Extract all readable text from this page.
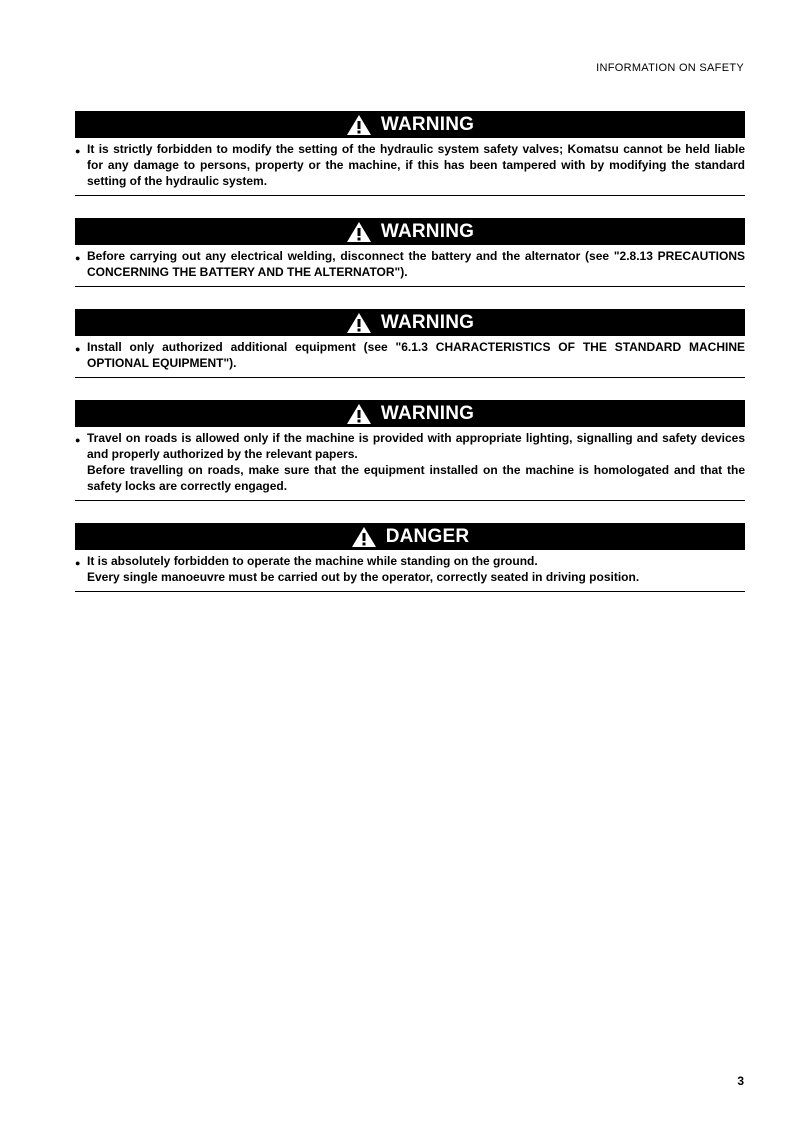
INFORMATION ON SAFETY
WARNING
● It is strictly forbidden to modify the setting of the hydraulic system safety valves; Komatsu cannot be held liable for any damage to persons, property or the machine, if this has been tampered with by modifying the standard setting of the hydraulic system.

WARNING
● Before carrying out any electrical welding, disconnect the battery and the alternator (see "2.8.13 PRECAUTIONS CONCERNING THE BATTERY AND THE ALTERNATOR").

WARNING
● Install only authorized additional equipment (see "6.1.3 CHARACTERISTICS OF THE STANDARD MACHINE OPTIONAL EQUIPMENT").

WARNING
● Travel on roads is allowed only if the machine is provided with appropriate lighting, signalling and safety devices and properly authorized by the relevant papers.

Before travelling on roads, make sure that the equipment installed on the machine is homologated and that the safety locks are correctly engaged.

DANGER
● It is absolutely forbidden to operate the machine while standing on the ground.

Every single manoeuvre must be carried out by the operator, correctly seated in driving position.

3
